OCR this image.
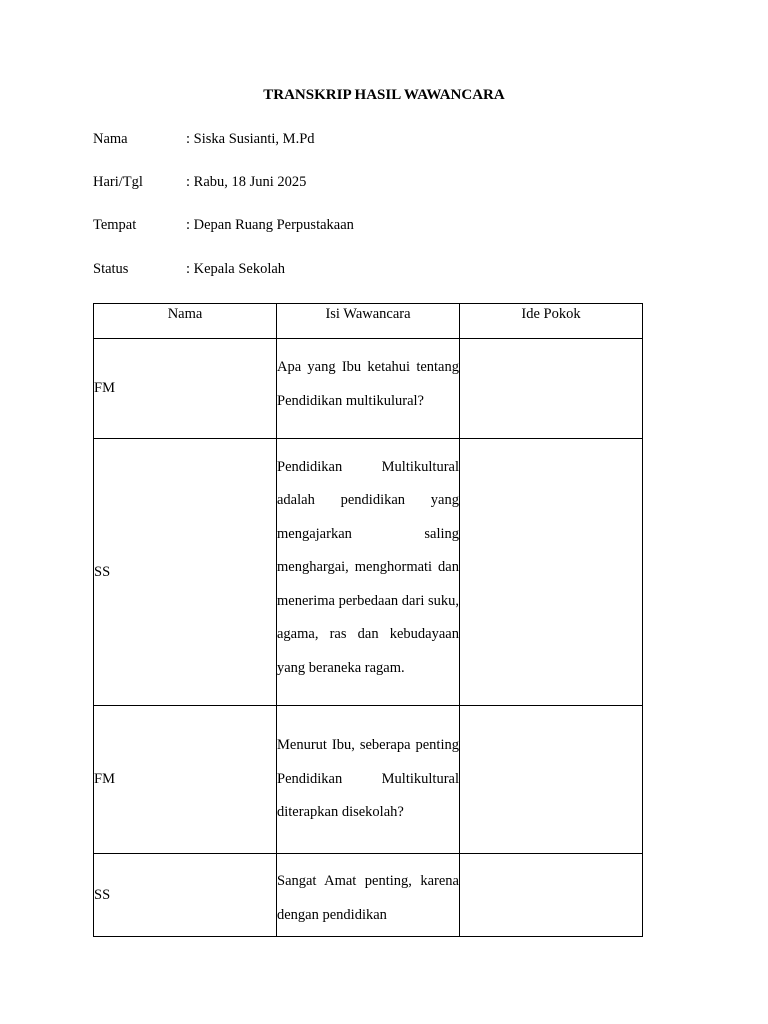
TRANSKRIP HASIL WAWANCARA
Nama	: Siska Susianti, M.Pd
Hari/Tgl	: Rabu, 18 Juni 2025
Tempat	: Depan Ruang Perpustakaan
Status	: Kepala Sekolah
Nama	Isi Wawancara	Ide Pokok
FM	Apa yang Ibu ketahui tentang Pendidikan multikulural?	

SS	Pendidikan Multikultural adalah pendidikan yang mengajarkan saling menghargai, menghormati dan menerima perbedaan dari suku, agama, ras dan kebudayaan yang beraneka ragam.	

FM	Menurut Ibu, seberapa penting Pendidikan Multikultural diterapkan disekolah?	

SS	Sangat Amat penting, karena dengan pendidikan	
